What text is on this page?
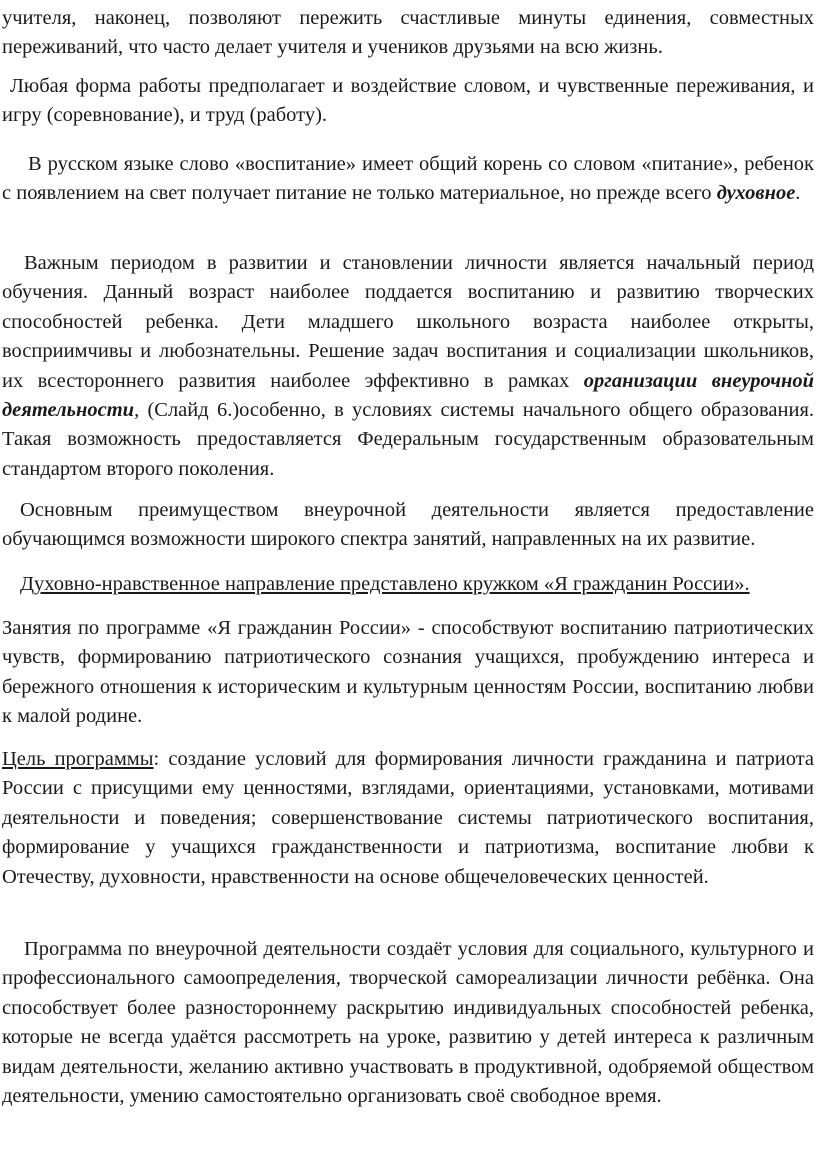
учителя, наконец, позволяют пережить счастливые минуты единения, совместных переживаний, что часто делает учителя и учеников друзьями на всю жизнь.

Любая форма работы предполагает и воздействие словом, и чувственные переживания, и игру (соревнование), и труд (работу).

В русском языке слово «воспитание» имеет общий корень со словом «питание», ребенок с появлением на свет получает питание не только материальное, но прежде всего духовное.

Важным периодом в развитии и становлении личности является начальный период обучения. Данный возраст наиболее поддается воспитанию и развитию творческих способностей ребенка. Дети младшего школьного возраста наиболее открыты, восприимчивы и любознательны. Решение задач воспитания и социализации школьников, их всестороннего развития наиболее эффективно в рамках организации внеурочной деятельности, (Слайд 6.)особенно, в условиях системы начального общего образования. Такая возможность предоставляется Федеральным государственным образовательным стандартом второго поколения.

Основным преимуществом внеурочной деятельности является предоставление обучающимся возможности широкого спектра занятий, направленных на их развитие.

Духовно-нравственное направление представлено кружком «Я гражданин России».

Занятия по программе «Я гражданин России» - способствуют воспитанию патриотических чувств, формированию патриотического сознания учащихся, пробуждению интереса и бережного отношения к историческим и культурным ценностям России, воспитанию любви к малой родине.

Цель программы: создание условий для формирования личности гражданина и патриота России с присущими ему ценностями, взглядами, ориентациями, установками, мотивами деятельности и поведения; совершенствование системы патриотического воспитания, формирование у учащихся гражданственности и патриотизма, воспитание любви к Отечеству, духовности, нравственности на основе общечеловеческих ценностей.

Программа по внеурочной деятельности создаёт условия для социального, культурного и профессионального самоопределения, творческой самореализации личности ребёнка. Она способствует более разностороннему раскрытию индивидуальных способностей ребенка, которые не всегда удаётся рассмотреть на уроке, развитию у детей интереса к различным видам деятельности, желанию активно участвовать в продуктивной, одобряемой обществом деятельности, умению самостоятельно организовать своё свободное время.
